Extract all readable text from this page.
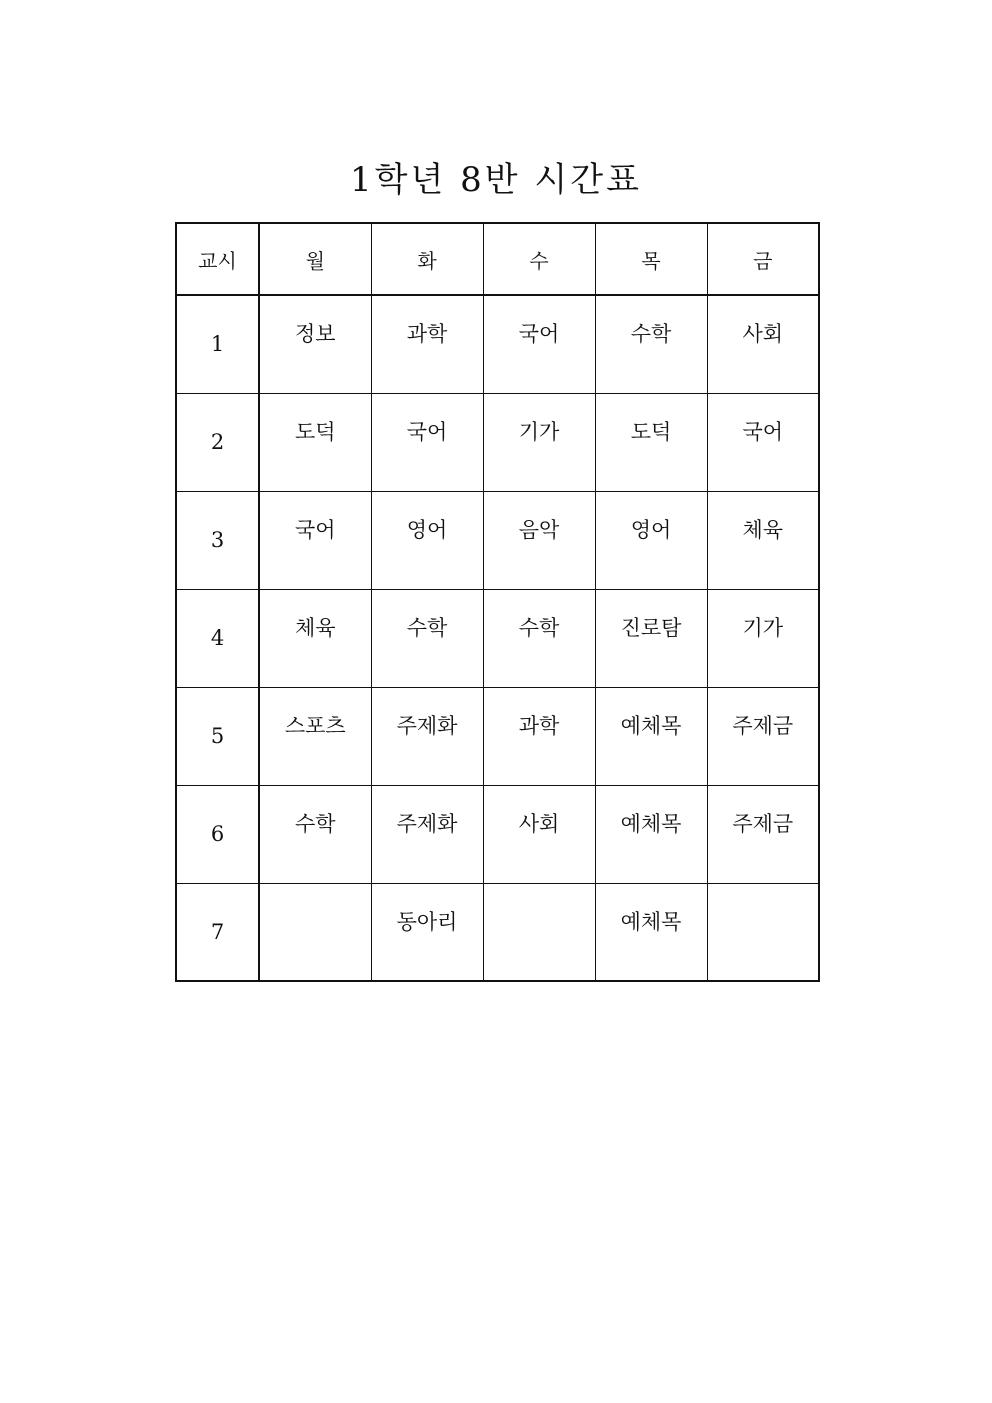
1학년 8반 시간표
교시	월	화	수	목	금
1	정보	과학	국어	수학	사회
2	도덕	국어	기가	도덕	국어
3	국어	영어	음악	영어	체육
4	체육	수학	수학	진로탐	기가
5	스포츠	주제화	과학	예체목	주제금
6	수학	주제화	사회	예체목	주제금
7		동아리		예체목	
